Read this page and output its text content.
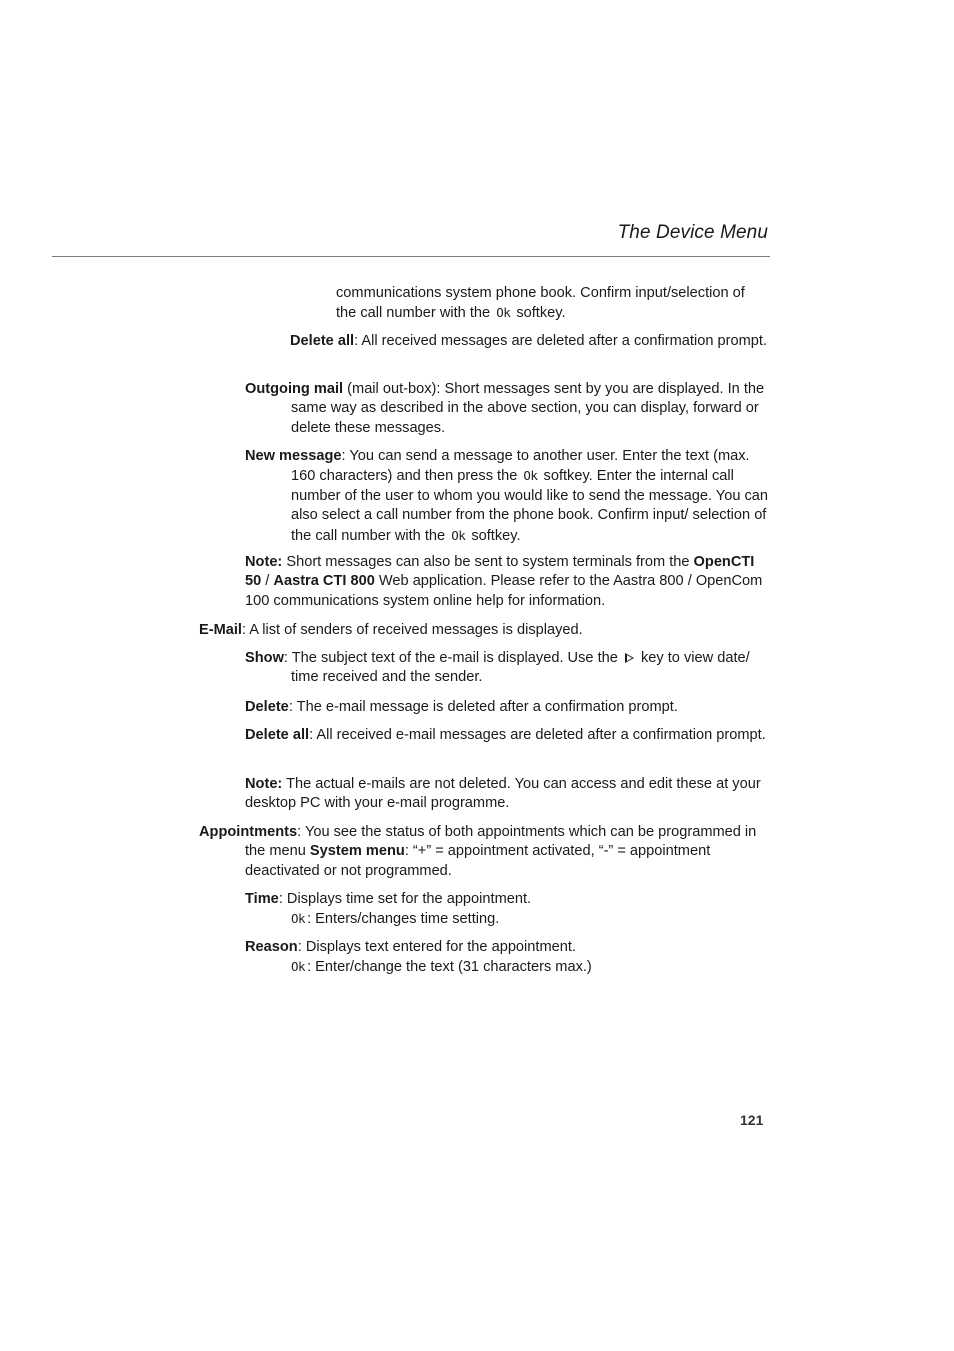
The Device Menu
communications system phone book. Confirm input/selection of the call number with the Ok softkey.
Delete all: All received messages are deleted after a confirmation prompt.
Outgoing mail (mail out-box): Short messages sent by you are displayed. In the same way as described in the above section, you can display, forward or delete these messages.
New message: You can send a message to another user. Enter the text (max. 160 characters) and then press the Ok softkey. Enter the internal call number of the user to whom you would like to send the message. You can also select a call number from the phone book. Confirm input/ selection of the call number with the Ok softkey.
Note: Short messages can also be sent to system terminals from the OpenCTI 50 / Aastra CTI 800 Web application. Please refer to the Aastra 800 / OpenCom 100 communications system online help for information.
E-Mail: A list of senders of received messages is displayed.
Show: The subject text of the e-mail is displayed. Use the key to view date/ time received and the sender.
Delete: The e-mail message is deleted after a confirmation prompt.
Delete all: All received e-mail messages are deleted after a confirmation prompt.
Note: The actual e-mails are not deleted. You can access and edit these at your desktop PC with your e-mail programme.
Appointments: You see the status of both appointments which can be programmed in the menu System menu: “+” = appointment activated, “-” = appointment deactivated or not programmed.
Time: Displays time set for the appointment.
Ok : Enters/changes time setting.
Reason: Displays text entered for the appointment.
Ok : Enter/change the text (31 characters max.)
121
